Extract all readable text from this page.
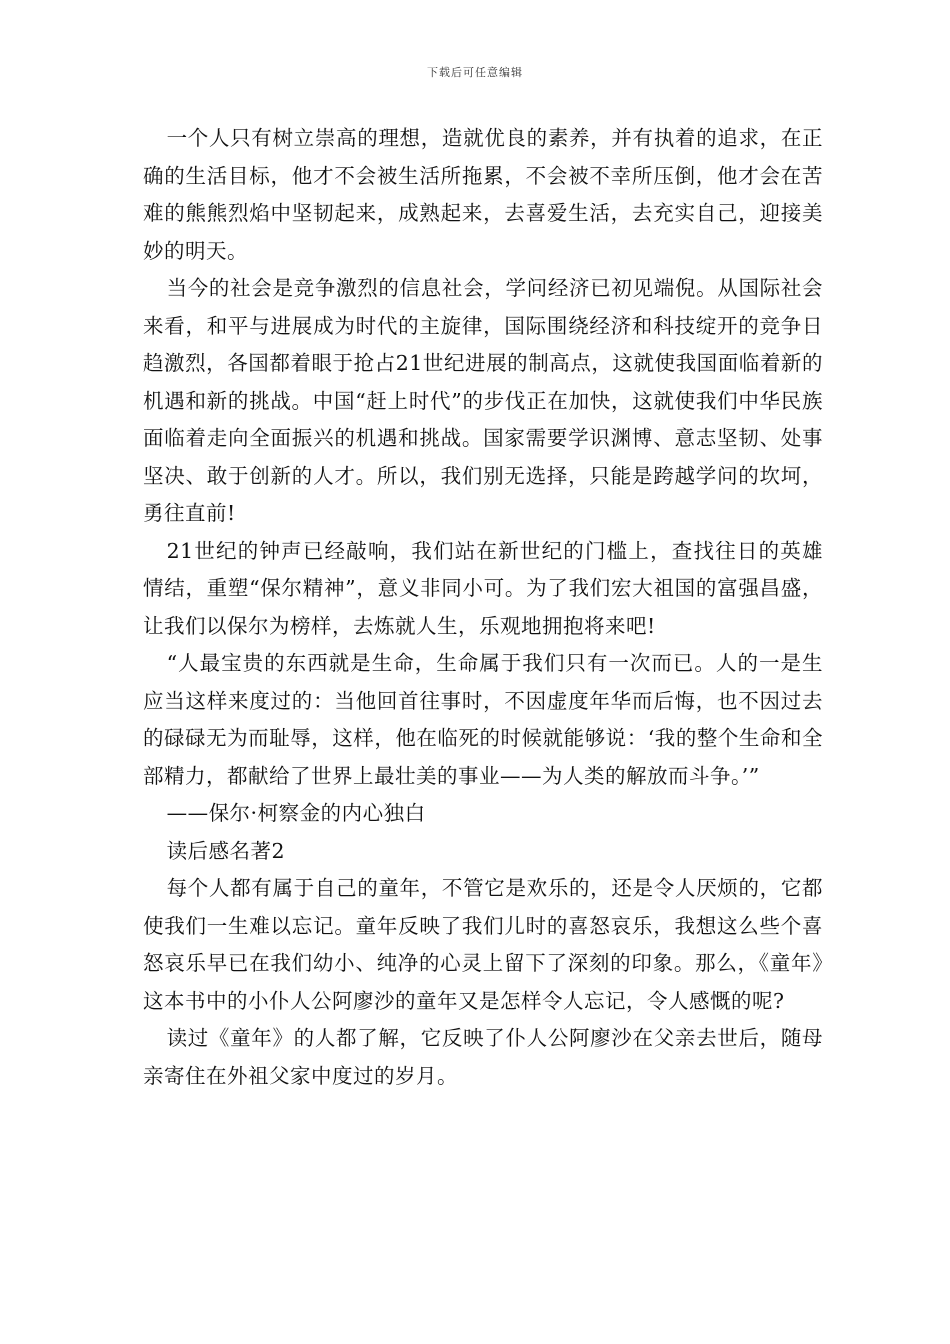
下载后可任意编辑

一个人只有树立崇高的理想，造就优良的素养，并有执着的追求，在正确的生活目标，他才不会被生活所拖累，不会被不幸所压倒，他才会在苦难的熊熊烈焰中坚韧起来，成熟起来，去喜爱生活，去充实自己，迎接美妙的明天。

当今的社会是竞争激烈的信息社会，学问经济已初见端倪。从国际社会来看，和平与进展成为时代的主旋律，国际围绕经济和科技绽开的竞争日趋激烈，各国都着眼于抢占21世纪进展的制高点，这就使我国面临着新的机遇和新的挑战。中国“赶上时代”的步伐正在加快，这就使我们中华民族面临着走向全面振兴的机遇和挑战。国家需要学识渊博、意志坚韧、处事坚决、敢于创新的人才。所以，我们别无选择，只能是跨越学问的坎坷，勇往直前!

21世纪的钟声已经敲响，我们站在新世纪的门槛上，查找往日的英雄情结，重塑“保尔精神”，意义非同小可。为了我们宏大祖国的富强昌盛，让我们以保尔为榜样，去炼就人生，乐观地拥抱将来吧!

“人最宝贵的东西就是生命，生命属于我们只有一次而已。人的一是生应当这样来度过的：当他回首往事时，不因虚度年华而后悔，也不因过去的碌碌无为而耻辱，这样，他在临死的时候就能够说：‘我的整个生命和全部精力，都献给了世界上最壮美的事业——为人类的解放而斗争。’”

——保尔·柯察金的内心独白

读后感名著2

每个人都有属于自己的童年，不管它是欢乐的，还是令人厌烦的，它都使我们一生难以忘记。童年反映了我们儿时的喜怒哀乐，我想这么些个喜怒哀乐早已在我们幼小、纯净的心灵上留下了深刻的印象。那么，《童年》这本书中的小仆人公阿廖沙的童年又是怎样令人忘记，令人感慨的呢?

读过《童年》的人都了解，它反映了仆人公阿廖沙在父亲去世后，随母亲寄住在外祖父家中度过的岁月。
